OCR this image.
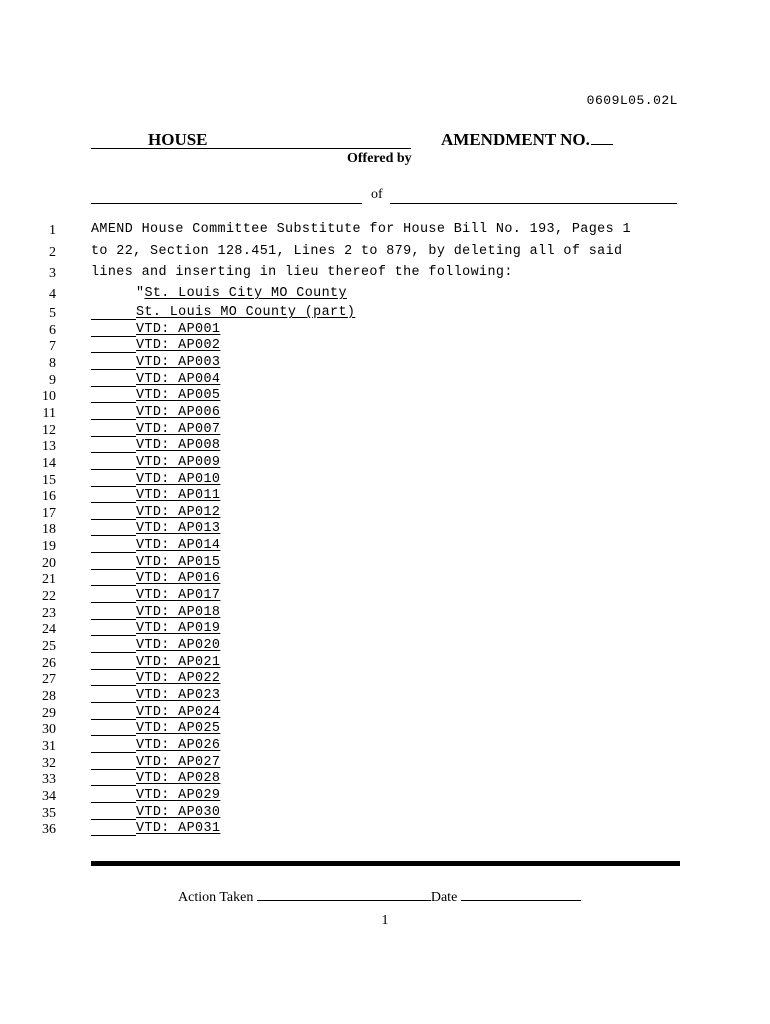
0609L05.02L
HOUSE	AMENDMENT NO.
Offered by
of
1	AMEND House Committee Substitute for House Bill No. 193, Pages 1
2	to 22, Section 128.451, Lines 2 to 879, by deleting all of said
3	lines and inserting in lieu thereof the following:
4	"St. Louis City MO County
5	St. Louis MO County (part)
6	VTD: AP001
7	VTD: AP002
8	VTD: AP003
9	VTD: AP004
10	VTD: AP005
11	VTD: AP006
12	VTD: AP007
13	VTD: AP008
14	VTD: AP009
15	VTD: AP010
16	VTD: AP011
17	VTD: AP012
18	VTD: AP013
19	VTD: AP014
20	VTD: AP015
21	VTD: AP016
22	VTD: AP017
23	VTD: AP018
24	VTD: AP019
25	VTD: AP020
26	VTD: AP021
27	VTD: AP022
28	VTD: AP023
29	VTD: AP024
30	VTD: AP025
31	VTD: AP026
32	VTD: AP027
33	VTD: AP028
34	VTD: AP029
35	VTD: AP030
36	VTD: AP031
Action Taken	Date
1
